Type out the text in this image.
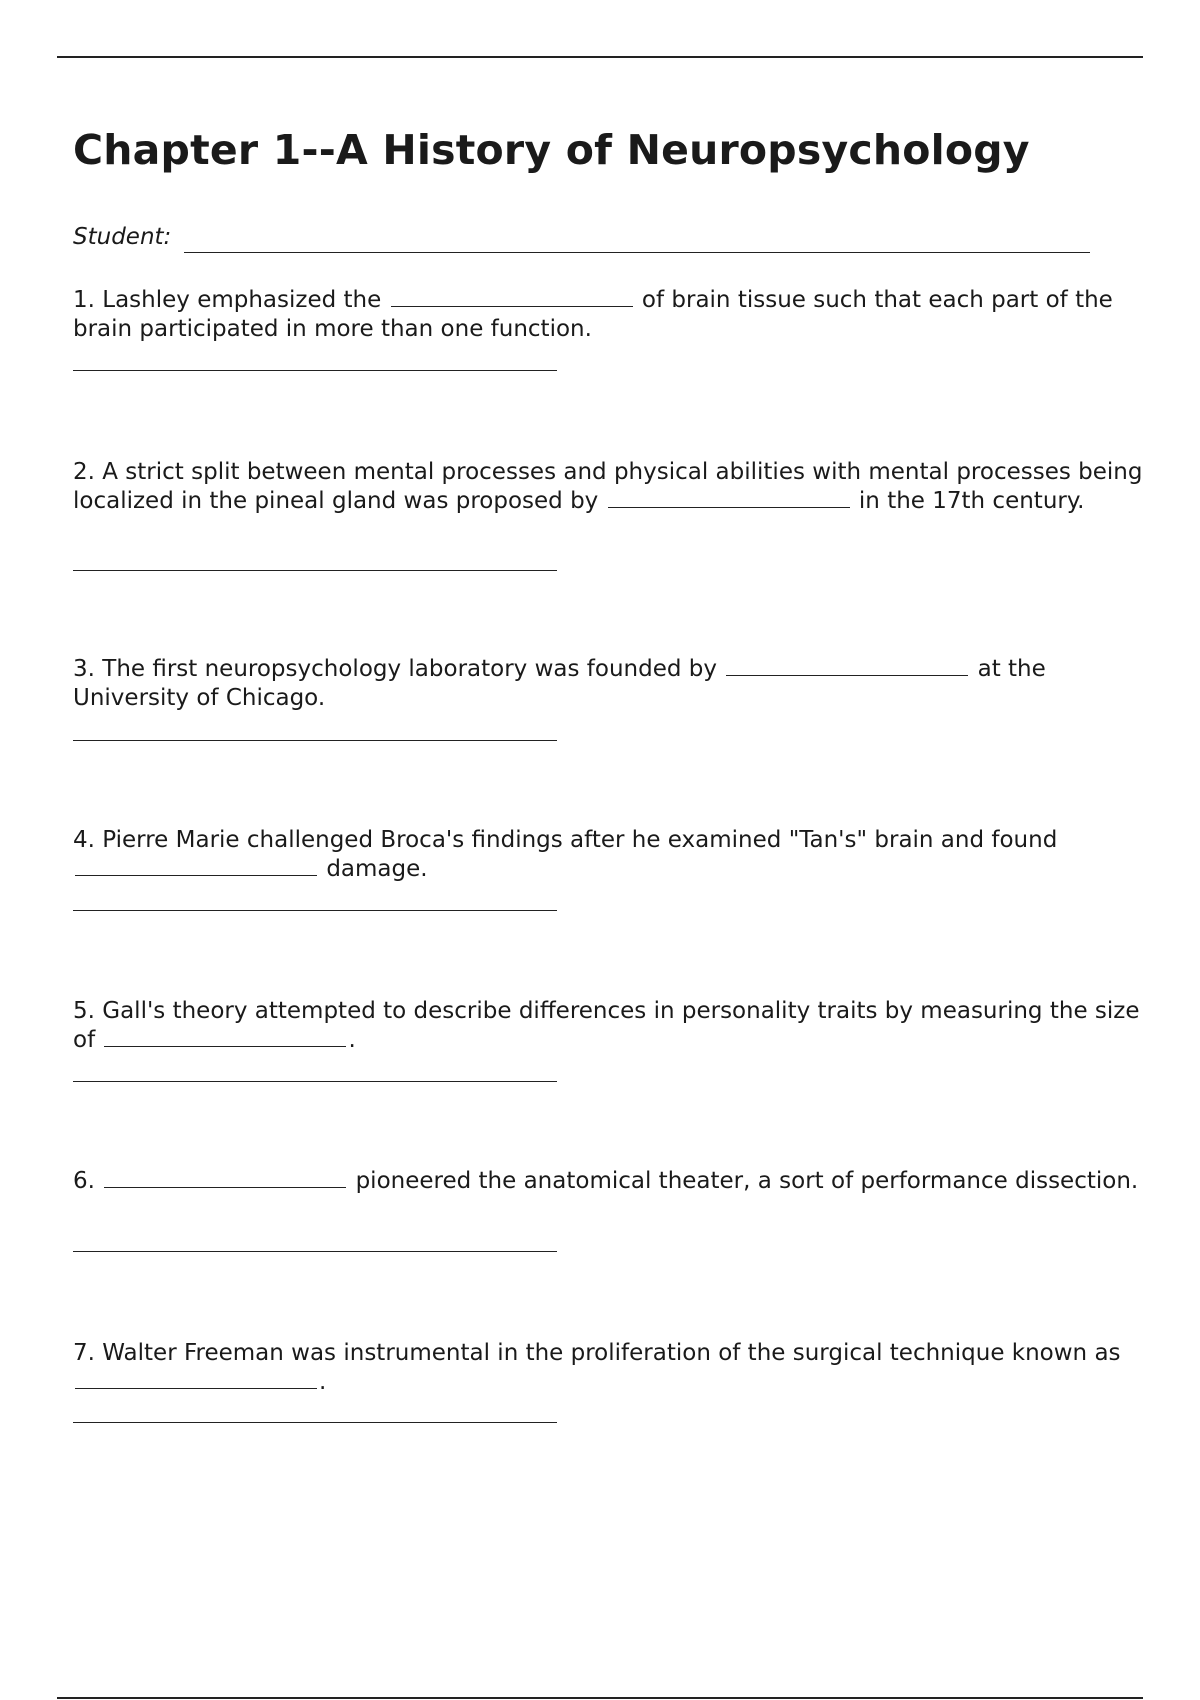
Chapter 1--A History of Neuropsychology
Student:
1. Lashley emphasized the	of brain tissue such that each part of the brain participated in more than one function.
2. A strict split between mental processes and physical abilities with mental processes being localized in the pineal gland was proposed by	in the 17th century.
3. The first neuropsychology laboratory was founded by	at the University of Chicago.
4. Pierre Marie challenged Broca's findings after he examined "Tan's" brain and found  damage.
5. Gall's theory attempted to describe differences in personality traits by measuring the size of	.
6.	pioneered the anatomical theater, a sort of performance dissection.
7. Walter Freeman was instrumental in the proliferation of the surgical technique known as .
